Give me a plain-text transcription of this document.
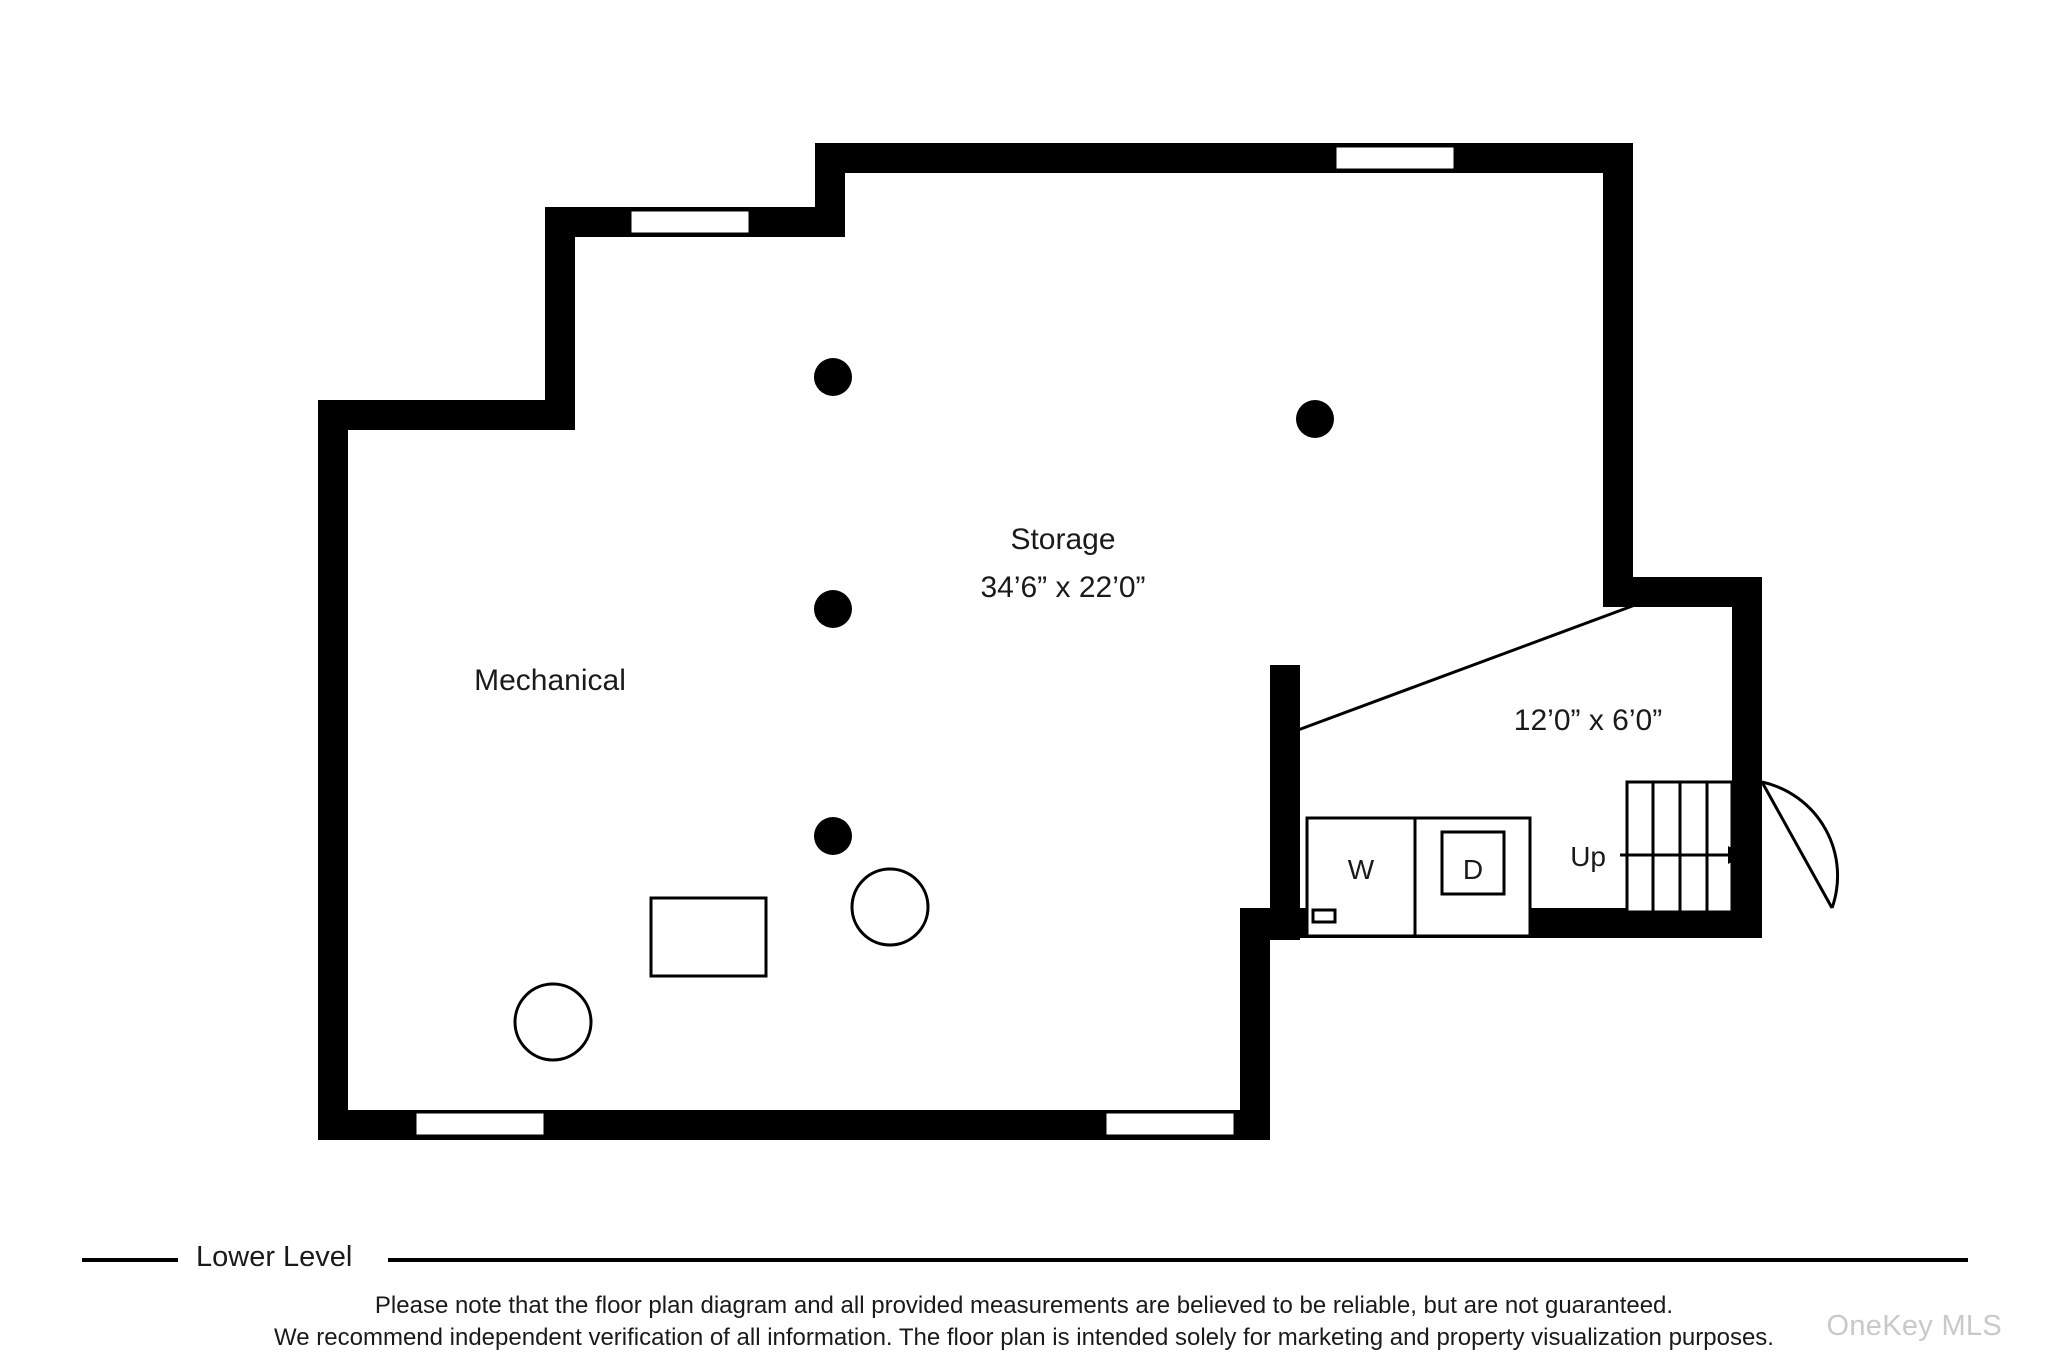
Storage
34’6” x 22’0”
Mechanical
12’0” x 6’0”
W	D	Up
Lower Level
Please note that the floor plan diagram and all provided measurements are believed to be reliable, but are not guaranteed.
We recommend independent verification of all information. The floor plan is intended solely for marketing and property visualization purposes.	OneKey MLS
